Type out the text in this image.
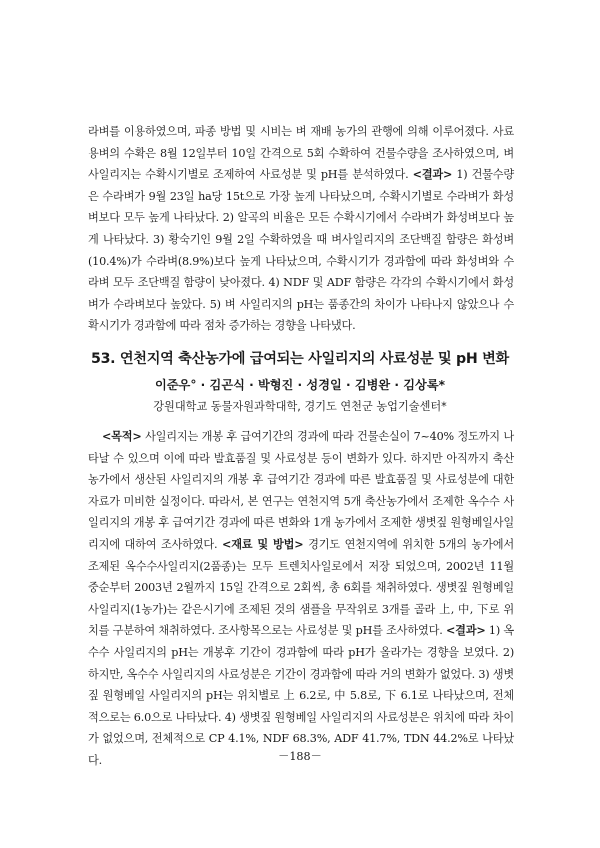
라벼를 이용하였으며, 파종 방법 및 시비는 벼 재배 농가의 관행에 의해 이루어졌다. 사료용벼의 수확은 8월 12일부터 10일 간격으로 5회 수확하여 건물수량을 조사하였으며, 벼 사일리지는 수확시기별로 조제하여 사료성분 및 pH를 분석하였다. <결과> 1) 건물수량은 수라벼가 9월 23일 ha당 15t으로 가장 높게 나타났으며, 수확시기별로 수라벼가 화성벼보다 모두 높게 나타났다. 2) 알곡의 비율은 모든 수확시기에서 수라벼가 화성벼보다 높게 나타났다. 3) 황숙기인 9월 2일 수확하였을 때 벼사일리지의 조단백질 함량은 화성벼(10.4%)가 수라벼(8.9%)보다 높게 나타났으며, 수확시기가 경과함에 따라 화성벼와 수라벼 모두 조단백질 함량이 낮아졌다. 4) NDF 및 ADF 함량은 각각의 수확시기에서 화성벼가 수라벼보다 높았다. 5) 벼 사일리지의 pH는 품종간의 차이가 나타나지 않았으나 수확시기가 경과함에 따라 점차 증가하는 경향을 나타냈다.

53. 연천지역 축산농가에 급여되는 사일리지의 사료성분 및 pH 변화
이준우° · 김곤식 · 박형진 · 성경일 · 김병완 · 김상록*
강원대학교 동물자원과학대학, 경기도 연천군 농업기술센터*

<목적> 사일리지는 개봉 후 급여기간의 경과에 따라 건물손실이 7~40% 정도까지 나타날 수 있으며 이에 따라 발효품질 및 사료성분 등이 변화가 있다. 하지만 아직까지 축산농가에서 생산된 사일리지의 개봉 후 급여기간 경과에 따른 발효품질 및 사료성분에 대한 자료가 미비한 실정이다. 따라서, 본 연구는 연천지역 5개 축산농가에서 조제한 옥수수 사일리지의 개봉 후 급여기간 경과에 따른 변화와 1개 농가에서 조제한 생볏짚 원형베일사일리지에 대하여 조사하였다. <재료 및 방법> 경기도 연천지역에 위치한 5개의 농가에서 조제된 옥수수사일리지(2품종)는 모두 트렌치사일로에서 저장 되었으며, 2002년 11월 중순부터 2003년 2월까지 15일 간격으로 2회씩, 총 6회를 채취하였다. 생볏짚 원형베일사일리지(1농가)는 같은시기에 조제된 것의 샘플을 무작위로 3개를 골라 上, 中, 下로 위치를 구분하여 채취하였다. 조사항목으로는 사료성분 및 pH를 조사하였다. <결과> 1) 옥수수 사일리지의 pH는 개봉후 기간이 경과함에 따라 pH가 올라가는 경향을 보였다. 2) 하지만, 옥수수 사일리지의 사료성분은 기간이 경과함에 따라 거의 변화가 없었다. 3) 생볏짚 원형베일 사일리지의 pH는 위치별로 上 6.2로, 中 5.8로, 下 6.1로 나타났으며, 전체적으로는 6.0으로 나타났다. 4) 생볏짚 원형베일 사일리지의 사료성분은 위치에 따라 차이가 없었으며, 전체적으로 CP 4.1%, NDF 68.3%, ADF 41.7%, TDN 44.2%로 나타났다.	－188－
